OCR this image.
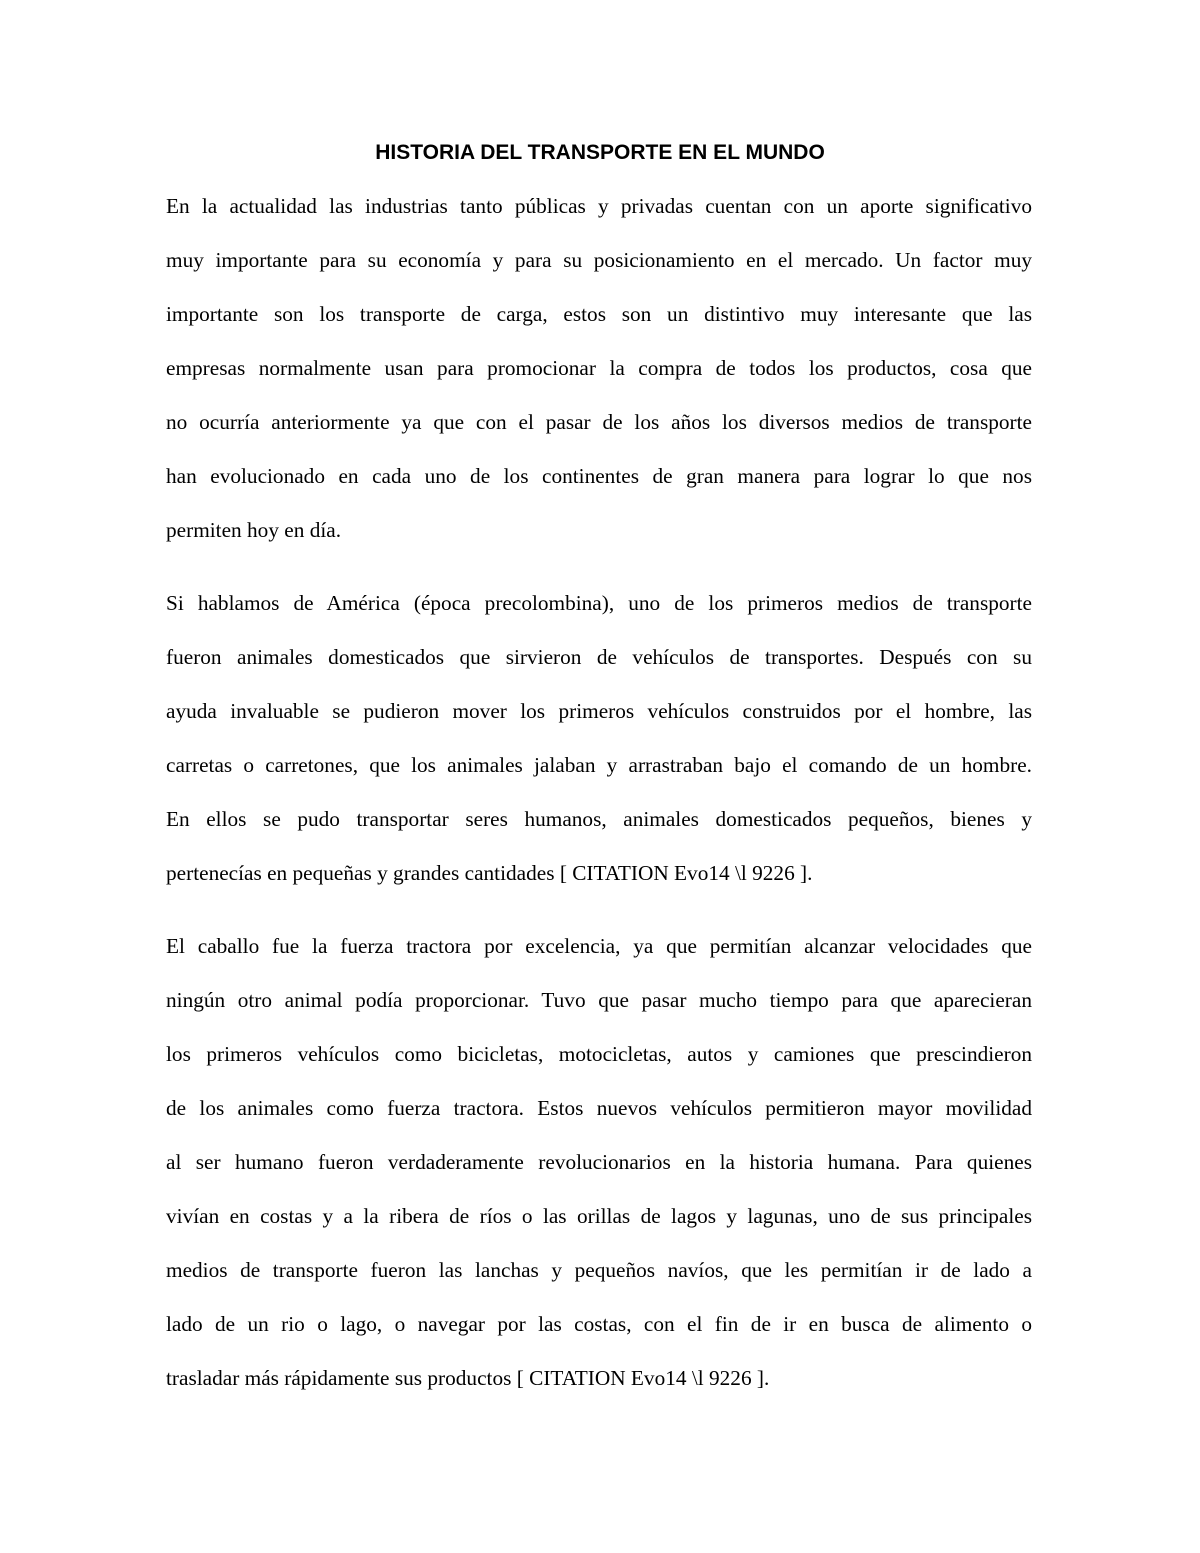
HISTORIA DEL TRANSPORTE EN EL MUNDO

En la actualidad las industrias tanto públicas y privadas cuentan con un aporte significativo
muy importante para su economía y para su posicionamiento en el mercado. Un factor muy
importante son los transporte de carga, estos son un distintivo muy interesante que las
empresas normalmente usan para promocionar la compra de todos los productos, cosa que
no ocurría anteriormente ya que con el pasar de los años los diversos medios de transporte
han evolucionado en cada uno de los continentes de gran manera para lograr lo que nos
permiten hoy en día.

Si hablamos de América (época precolombina), uno de los primeros medios de transporte
fueron animales domesticados que sirvieron de vehículos de transportes. Después con su
ayuda invaluable se pudieron mover los primeros vehículos construidos por el hombre, las
carretas o carretones, que los animales jalaban y arrastraban bajo el comando de un hombre.
En ellos se pudo transportar seres humanos, animales domesticados pequeños, bienes y
pertenecías en pequeñas y grandes cantidades [ CITATION Evo14 \l 9226 ].

El caballo fue la fuerza tractora por excelencia, ya que permitían alcanzar velocidades que
ningún otro animal podía proporcionar. Tuvo que pasar mucho tiempo para que aparecieran
los primeros vehículos como bicicletas, motocicletas, autos y camiones que prescindieron
de los animales como fuerza tractora. Estos nuevos vehículos permitieron mayor movilidad
al ser humano fueron verdaderamente revolucionarios en la historia humana. Para quienes
vivían en costas y a la ribera de ríos o las orillas de lagos y lagunas, uno de sus principales
medios de transporte fueron las lanchas y pequeños navíos, que les permitían ir de lado a
lado de un rio o lago, o navegar por las costas, con el fin de ir en busca de alimento o
trasladar más rápidamente sus productos [ CITATION Evo14 \l 9226 ].
